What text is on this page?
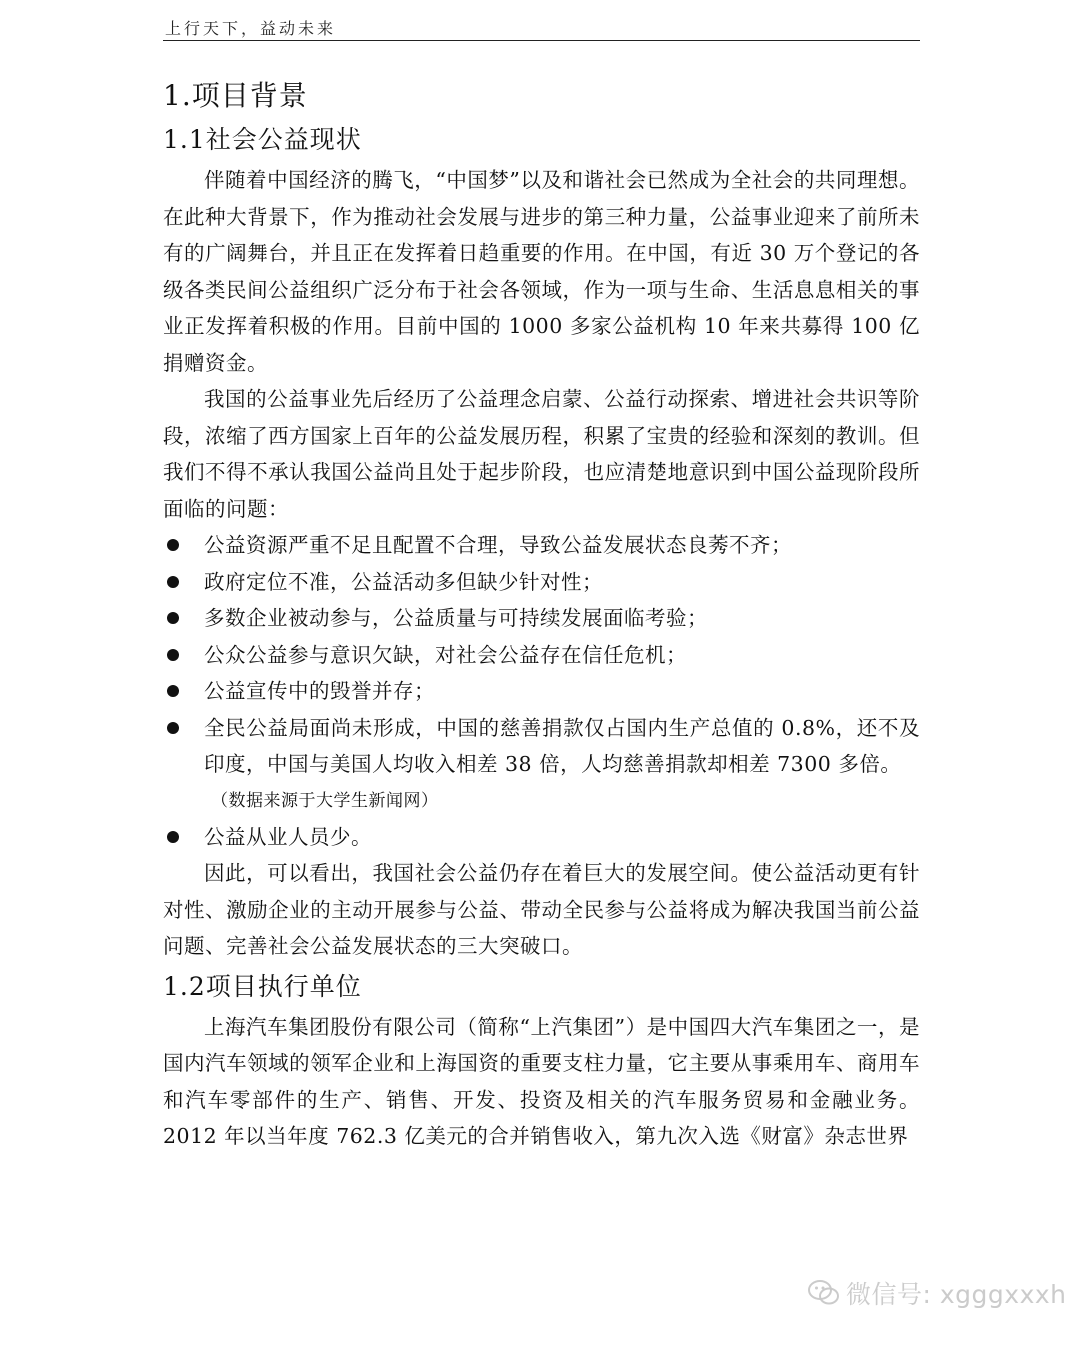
上行天下，益动未来
1.项目背景
1.1社会公益现状

伴随着中国经济的腾飞，“中国梦”以及和谐社会已然成为全社会的共同理想。在此种大背景下，作为推动社会发展与进步的第三种力量，公益事业迎来了前所未有的广阔舞台，并且正在发挥着日趋重要的作用。在中国，有近 30 万个登记的各级各类民间公益组织广泛分布于社会各领域，作为一项与生命、生活息息相关的事业正发挥着积极的作用。目前中国的 1000 多家公益机构 10 年来共募得 100 亿捐赠资金。

我国的公益事业先后经历了公益理念启蒙、公益行动探索、增进社会共识等阶段，浓缩了西方国家上百年的公益发展历程，积累了宝贵的经验和深刻的教训。但我们不得不承认我国公益尚且处于起步阶段，也应清楚地意识到中国公益现阶段所面临的问题：

公益资源严重不足且配置不合理，导致公益发展状态良莠不齐；
政府定位不准，公益活动多但缺少针对性；
多数企业被动参与，公益质量与可持续发展面临考验；
公众公益参与意识欠缺，对社会公益存在信任危机；
公益宣传中的毁誉并存；
全民公益局面尚未形成，中国的慈善捐款仅占国内生产总值的 0.8%，还不及印度，中国与美国人均收入相差 38 倍，人均慈善捐款却相差 7300 多倍。
（数据来源于大学生新闻网）
公益从业人员少。

因此，可以看出，我国社会公益仍存在着巨大的发展空间。使公益活动更有针对性、激励企业的主动开展参与公益、带动全民参与公益将成为解决我国当前公益问题、完善社会公益发展状态的三大突破口。

1.2项目执行单位

上海汽车集团股份有限公司（简称“上汽集团”）是中国四大汽车集团之一，是国内汽车领域的领军企业和上海国资的重要支柱力量，它主要从事乘用车、商用车和汽车零部件的生产、销售、开发、投资及相关的汽车服务贸易和金融业务。2012 年以当年度 762.3 亿美元的合并销售收入，第九次入选《财富》杂志世界

微信号: xgggxxxh
